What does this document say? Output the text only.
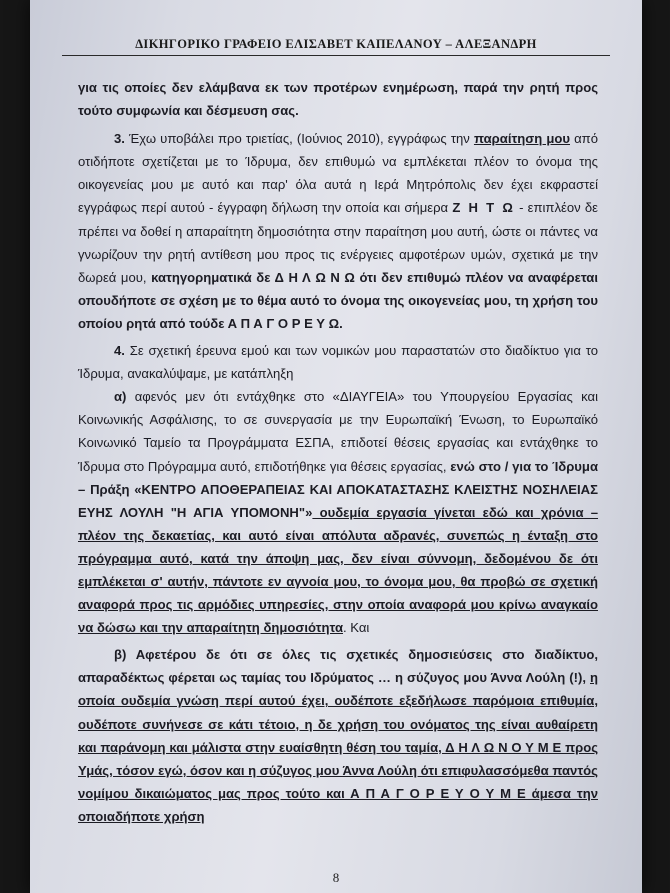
ΔΙΚΗΓΟΡΙΚΟ ΓΡΑΦΕΙΟ ΕΛΙΣΑΒΕΤ ΚΑΠΕΛΑΝΟΥ – ΑΛΕΞΑΝΔΡΗ

για τις οποίες δεν ελάμβανα εκ των προτέρων ενημέρωση, παρά την ρητή προς τούτο συμφωνία και δέσμευση σας.

3. Έχω υποβάλει προ τριετίας, (Ιούνιος 2010), εγγράφως την παραίτηση μου από οτιδήποτε σχετίζεται με το Ίδρυμα, δεν επιθυμώ να εμπλέκεται πλέον το όνομα της οικογενείας μου με αυτό και παρ' όλα αυτά η Ιερά Μητρόπολις δεν έχει εκφραστεί εγγράφως περί αυτού - έγγραφη δήλωση την οποία και σήμερα Ζ Η Τ Ω - επιπλέον δε πρέπει να δοθεί η απαραίτητη δημοσιότητα στην παραίτηση μου αυτή, ώστε οι πάντες να γνωρίζουν την ρητή αντίθεση μου προς τις ενέργειες αμφοτέρων υμών, σχετικά με την δωρεά μου, κατηγορηματικά δε Δ Η Λ Ω Ν Ω ότι δεν επιθυμώ πλέον να αναφέρεται οπουδήποτε σε σχέση με το θέμα αυτό το όνομα της οικογενείας μου, τη χρήση του οποίου ρητά από τούδε Α Π Α Γ Ο Ρ Ε Υ Ω.

4. Σε σχετική έρευνα εμού και των νομικών μου παραστατών στο διαδίκτυο για το Ίδρυμα, ανακαλύψαμε, με κατάπληξη

α) αφενός μεν ότι εντάχθηκε στο «ΔΙΑΥΓΕΙΑ» του Υπουργείου Εργασίας και Κοινωνικής Ασφάλισης, το σε συνεργασία με την Ευρωπαϊκή Ένωση, το Ευρωπαϊκό Κοινωνικό Ταμείο τα Προγράμματα ΕΣΠΑ, επιδοτεί θέσεις εργασίας και εντάχθηκε το Ίδρυμα στο Πρόγραμμα αυτό, επιδοτήθηκε για θέσεις εργασίας, ενώ στο / για το Ίδρυμα – Πράξη «ΚΕΝΤΡΟ ΑΠΟΘΕΡΑΠΕΙΑΣ ΚΑΙ ΑΠΟΚΑΤΑΣΤΑΣΗΣ ΚΛΕΙΣΤΗΣ ΝΟΣΗΛΕΙΑΣ ΕΥΗΣ ΛΟΥΛΗ "Η ΑΓΙΑ ΥΠΟΜΟΝΗ"» ουδεμία εργασία γίνεται εδώ και χρόνια – πλέον της δεκαετίας, και αυτό είναι απόλυτα αδρανές, συνεπώς η ένταξη στο πρόγραμμα αυτό, κατά την άποψη μας, δεν είναι σύννομη, δεδομένου δε ότι εμπλέκεται σ' αυτήν, πάντοτε εν αγνοία μου, το όνομα μου, θα προβώ σε σχετική αναφορά προς τις αρμόδιες υπηρεσίες, στην οποία αναφορά μου κρίνω αναγκαίο να δώσω και την απαραίτητη δημοσιότητα. Και

β) Αφετέρου δε ότι σε όλες τις σχετικές δημοσιεύσεις στο διαδίκτυο, απαραδέκτως φέρεται ως ταμίας του Ιδρύματος … η σύζυγος μου Άννα Λούλη (!), η οποία ουδεμία γνώση περί αυτού έχει, ουδέποτε εξεδήλωσε παρόμοια επιθυμία, ουδέποτε συνήνεσε σε κάτι τέτοιο, η δε χρήση του ονόματος της είναι αυθαίρετη και παράνομη και μάλιστα στην ευαίσθητη θέση του ταμία, Δ Η Λ Ω Ν Ο Υ Μ Ε προς Υμάς, τόσον εγώ, όσον και η σύζυγος μου Άννα Λούλη ότι επιφυλασσόμεθα παντός νομίμου δικαιώματος μας προς τούτο και Α Π Α Γ Ο Ρ Ε Υ Ο Υ Μ Ε άμεσα την οποιαδήποτε χρήση

8
